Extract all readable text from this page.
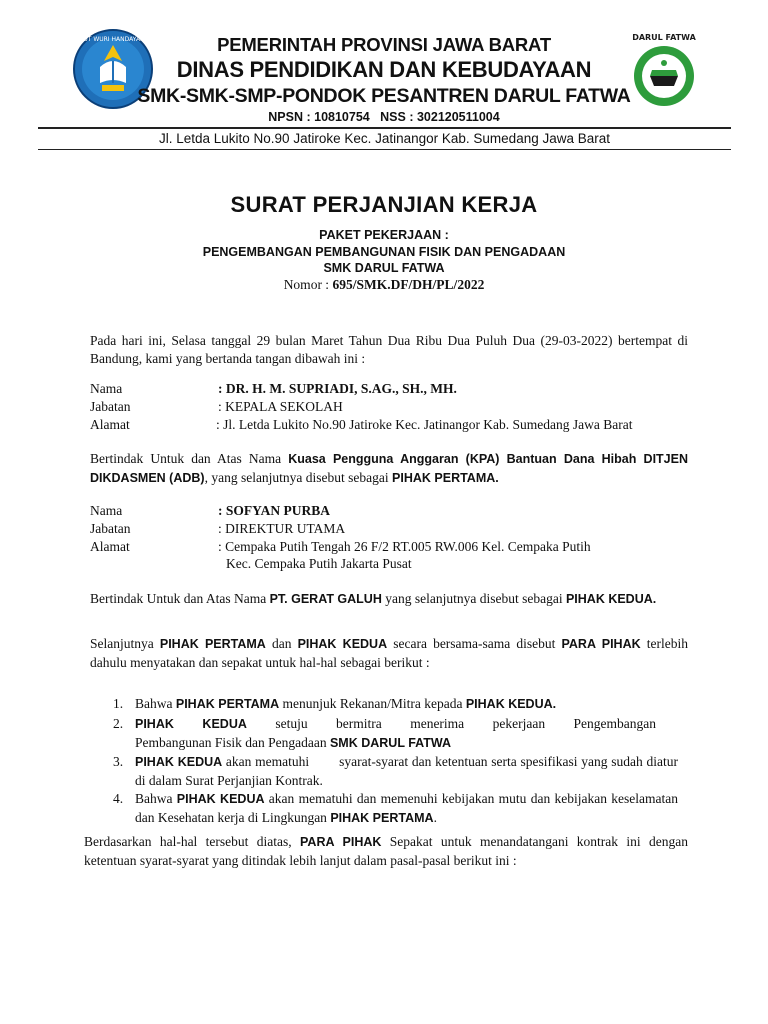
TUT WURI HANDAYANI	DARUL FATWA
PEMERINTAH PROVINSI JAWA BARAT
DINAS PENDIDIKAN DAN KEBUDAYAAN
SMK-SMK-SMP-PONDOK PESANTREN DARUL FATWA
NPSN : 10810754   NSS : 302120511004
Jl. Letda Lukito No.90 Jatiroke Kec. Jatinangor Kab. Sumedang Jawa Barat
SURAT PERJANJIAN KERJA
PAKET PEKERJAAN :
PENGEMBANGAN PEMBANGUNAN FISIK DAN PENGADAAN
SMK DARUL FATWA
Nomor : 695/SMK.DF/DH/PL/2022
Pada hari ini, Selasa tanggal 29 bulan Maret Tahun Dua Ribu Dua Puluh Dua (29-03-2022) bertempat di Bandung, kami yang bertanda tangan dibawah ini :
Nama	: DR. H. M. SUPRIADI, S.AG., SH., MH.
Jabatan	: KEPALA SEKOLAH
Alamat	: Jl. Letda Lukito No.90 Jatiroke Kec. Jatinangor Kab. Sumedang Jawa Barat
Bertindak Untuk dan Atas Nama Kuasa Pengguna Anggaran (KPA) Bantuan Dana Hibah DITJEN DIKDASMEN (ADB), yang selanjutnya disebut sebagai PIHAK PERTAMA.
Nama	: SOFYAN PURBA
Jabatan	: DIREKTUR UTAMA
Alamat	: Cempaka Putih Tengah 26 F/2 RT.005 RW.006 Kel. Cempaka Putih
Kec. Cempaka Putih Jakarta Pusat
Bertindak Untuk dan Atas Nama PT. GERAT GALUH yang selanjutnya disebut sebagai PIHAK KEDUA.
Selanjutnya PIHAK PERTAMA dan PIHAK KEDUA secara bersama-sama disebut PARA PIHAK terlebih dahulu menyatakan dan sepakat untuk hal-hal sebagai berikut :
1. Bahwa PIHAK PERTAMA menunjuk Rekanan/Mitra kepada PIHAK KEDUA.
2. PIHAK KEDUA setuju bermitra menerima pekerjaan Pengembangan
Pembangunan Fisik dan Pengadaan SMK DARUL FATWA
3. PIHAK KEDUA akan mematuhi        syarat-syarat dan ketentuan serta spesifikasi yang sudah diatur di dalam Surat Perjanjian Kontrak.
4. Bahwa PIHAK KEDUA akan mematuhi dan memenuhi kebijakan mutu dan kebijakan keselamatan dan Kesehatan kerja di Lingkungan PIHAK PERTAMA.
Berdasarkan hal-hal tersebut diatas, PARA PIHAK Sepakat untuk menandatangani kontrak ini dengan ketentuan syarat-syarat yang ditindak lebih lanjut dalam pasal-pasal berikut ini :
